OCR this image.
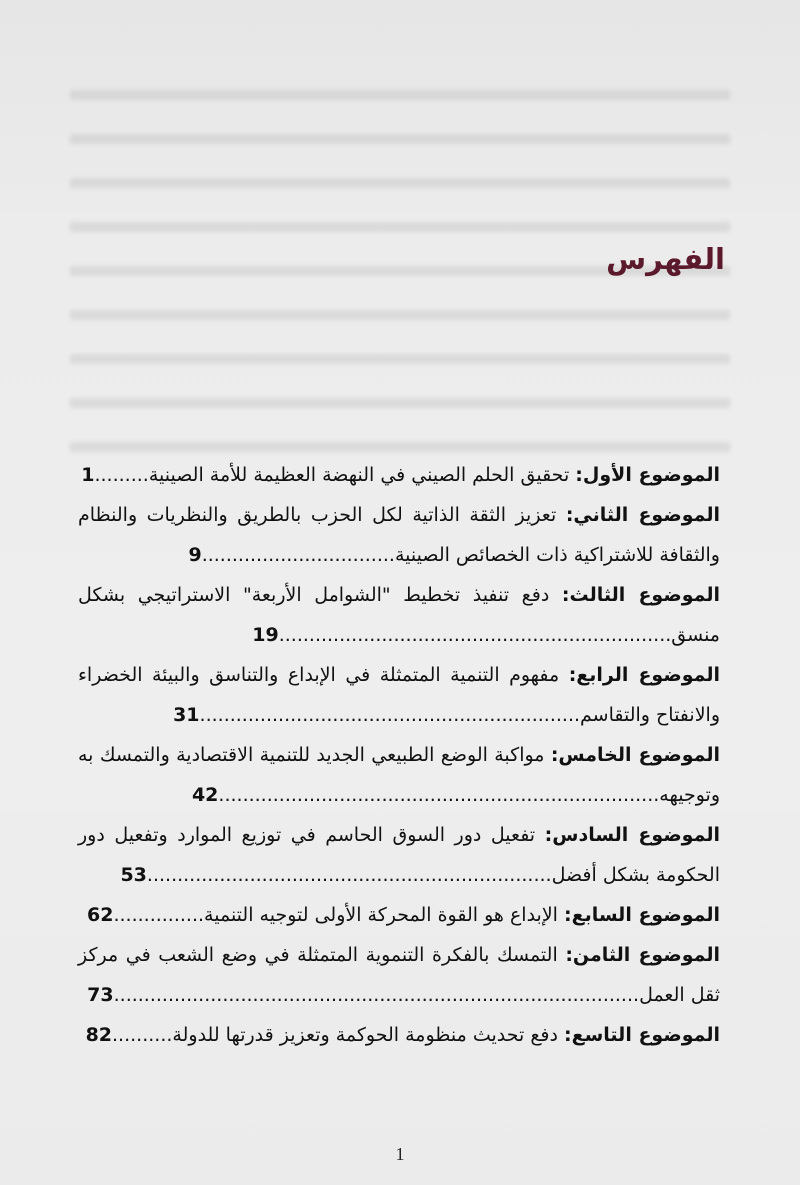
الفهرس

الموضوع الأول: تحقيق الحلم الصيني في النهضة العظيمة للأمة الصينية.........1

الموضوع الثاني: تعزيز الثقة الذاتية لكل الحزب بالطريق والنظريات والنظام والثقافة للاشتراكية ذات الخصائص الصينية................................9

الموضوع الثالث: دفع تنفيذ تخطيط "الشوامل الأربعة" الاستراتيجي بشكل منسق.................................................................19

الموضوع الرابع: مفهوم التنمية المتمثلة في الإبداع والتناسق والبيئة الخضراء والانفتاح والتقاسم...............................................................31

الموضوع الخامس: مواكبة الوضع الطبيعي الجديد للتنمية الاقتصادية والتمسك به وتوجيهه.........................................................................42

الموضوع السادس: تفعيل دور السوق الحاسم في توزيع الموارد وتفعيل دور الحكومة بشكل أفضل...................................................................53

الموضوع السابع: الإبداع هو القوة المحركة الأولى لتوجيه التنمية...............62

الموضوع الثامن: التمسك بالفكرة التنموية المتمثلة في وضع الشعب في مركز ثقل العمل.......................................................................................73

الموضوع التاسع: دفع تحديث منظومة الحوكمة وتعزيز قدرتها للدولة..........82

1
